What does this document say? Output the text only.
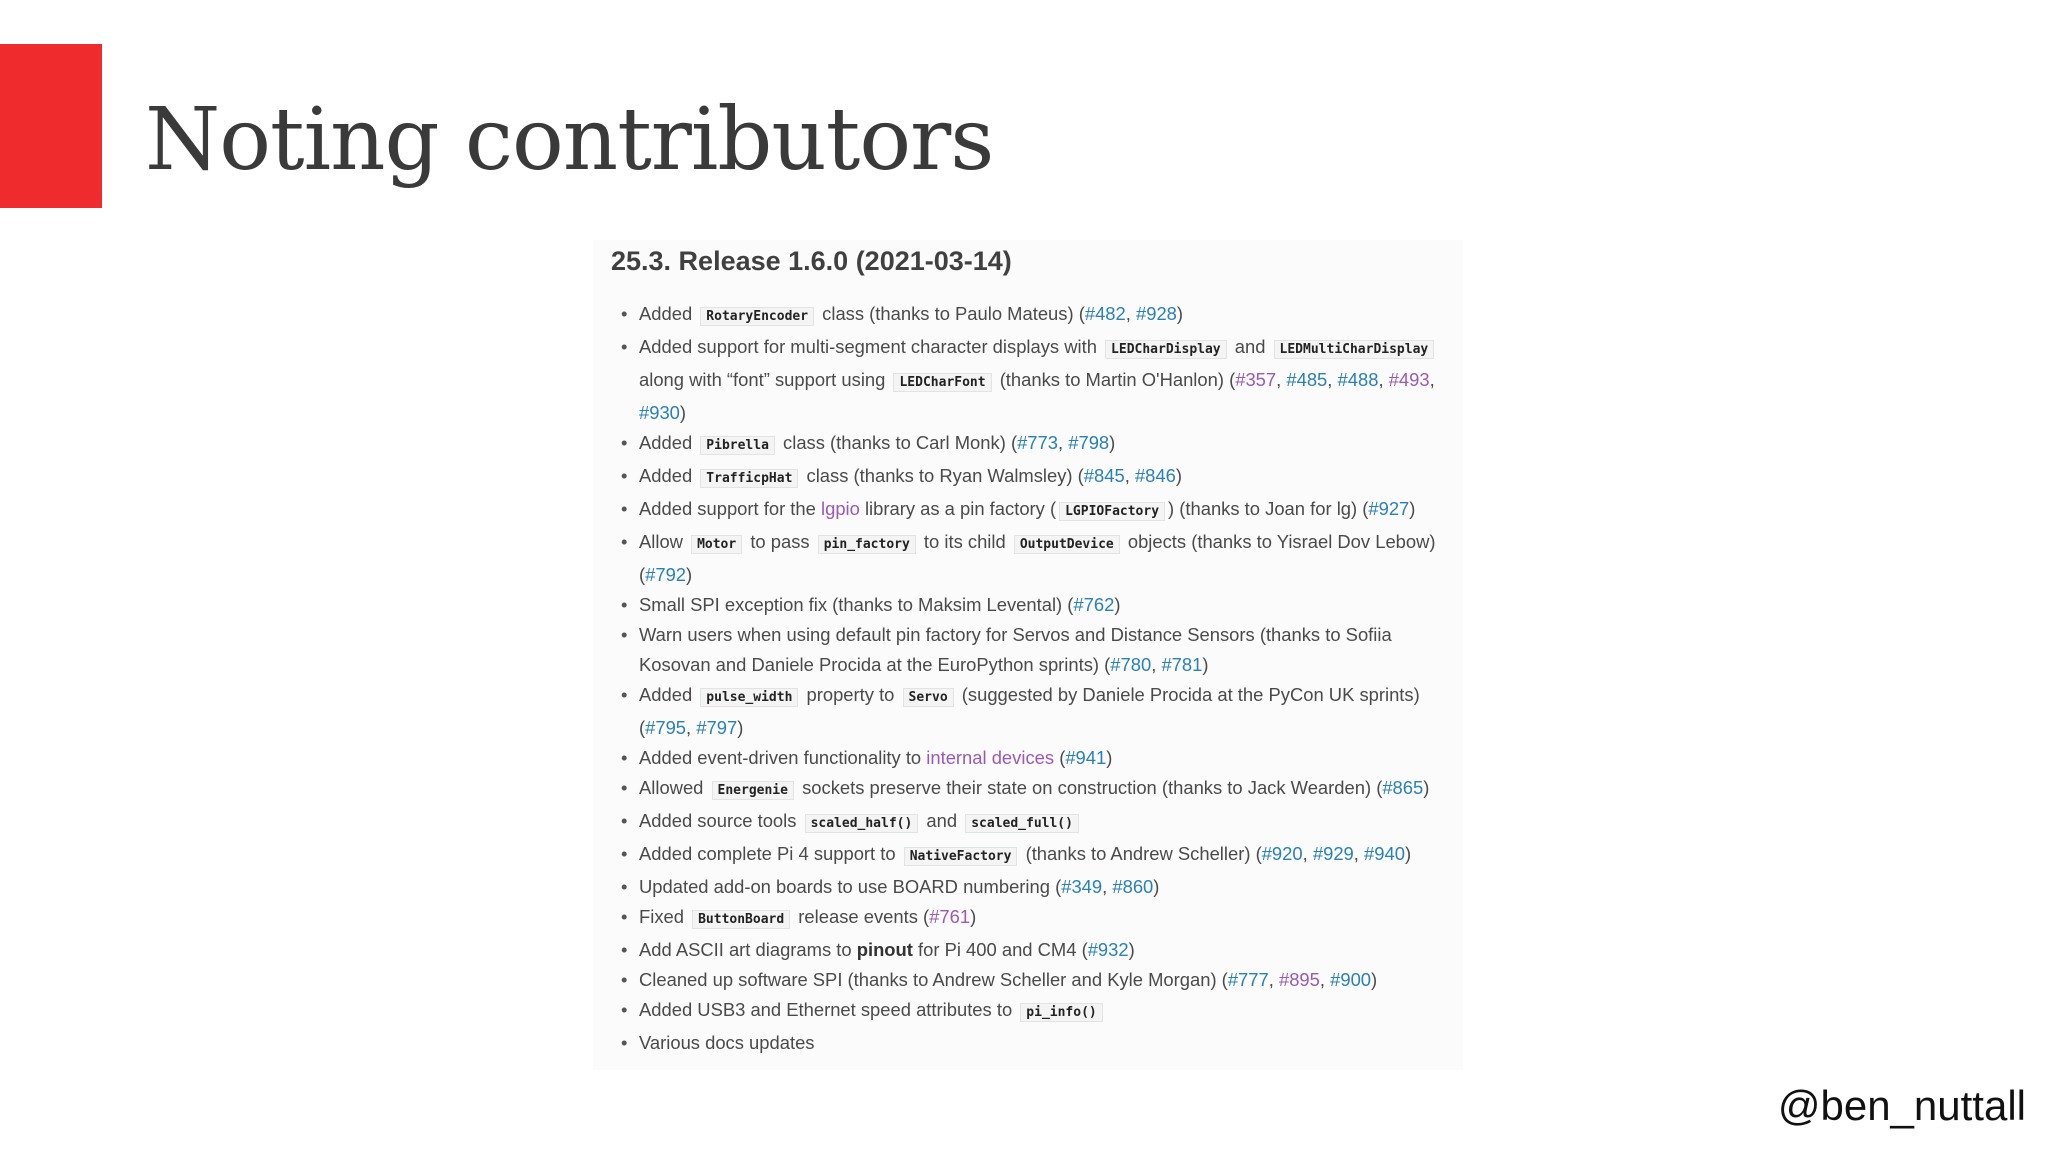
Noting contributors
25.3. Release 1.6.0 (2021-03-14)
• Added RotaryEncoder class (thanks to Paulo Mateus) (#482, #928)
• Added support for multi-segment character displays with LEDCharDisplay and LEDMultiCharDisplay along with “font” support using LEDCharFont (thanks to Martin O'Hanlon) (#357, #485, #488, #493, #930)
• Added Pibrella class (thanks to Carl Monk) (#773, #798)
• Added TrafficpHat class (thanks to Ryan Walmsley) (#845, #846)
• Added support for the lgpio library as a pin factory ( LGPIOFactory ) (thanks to Joan for lg) (#927)
• Allow Motor to pass pin_factory to its child OutputDevice objects (thanks to Yisrael Dov Lebow) (#792)
• Small SPI exception fix (thanks to Maksim Levental) (#762)
• Warn users when using default pin factory for Servos and Distance Sensors (thanks to Sofiia Kosovan and Daniele Procida at the EuroPython sprints) (#780, #781)
• Added pulse_width property to Servo (suggested by Daniele Procida at the PyCon UK sprints) (#795, #797)
• Added event-driven functionality to internal devices (#941)
• Allowed Energenie sockets preserve their state on construction (thanks to Jack Wearden) (#865)
• Added source tools scaled_half() and scaled_full()
• Added complete Pi 4 support to NativeFactory (thanks to Andrew Scheller) (#920, #929, #940)
• Updated add-on boards to use BOARD numbering (#349, #860)
• Fixed ButtonBoard release events (#761)
• Add ASCII art diagrams to pinout for Pi 400 and CM4 (#932)
• Cleaned up software SPI (thanks to Andrew Scheller and Kyle Morgan) (#777, #895, #900)
• Added USB3 and Ethernet speed attributes to pi_info()
• Various docs updates
@ben_nuttall
